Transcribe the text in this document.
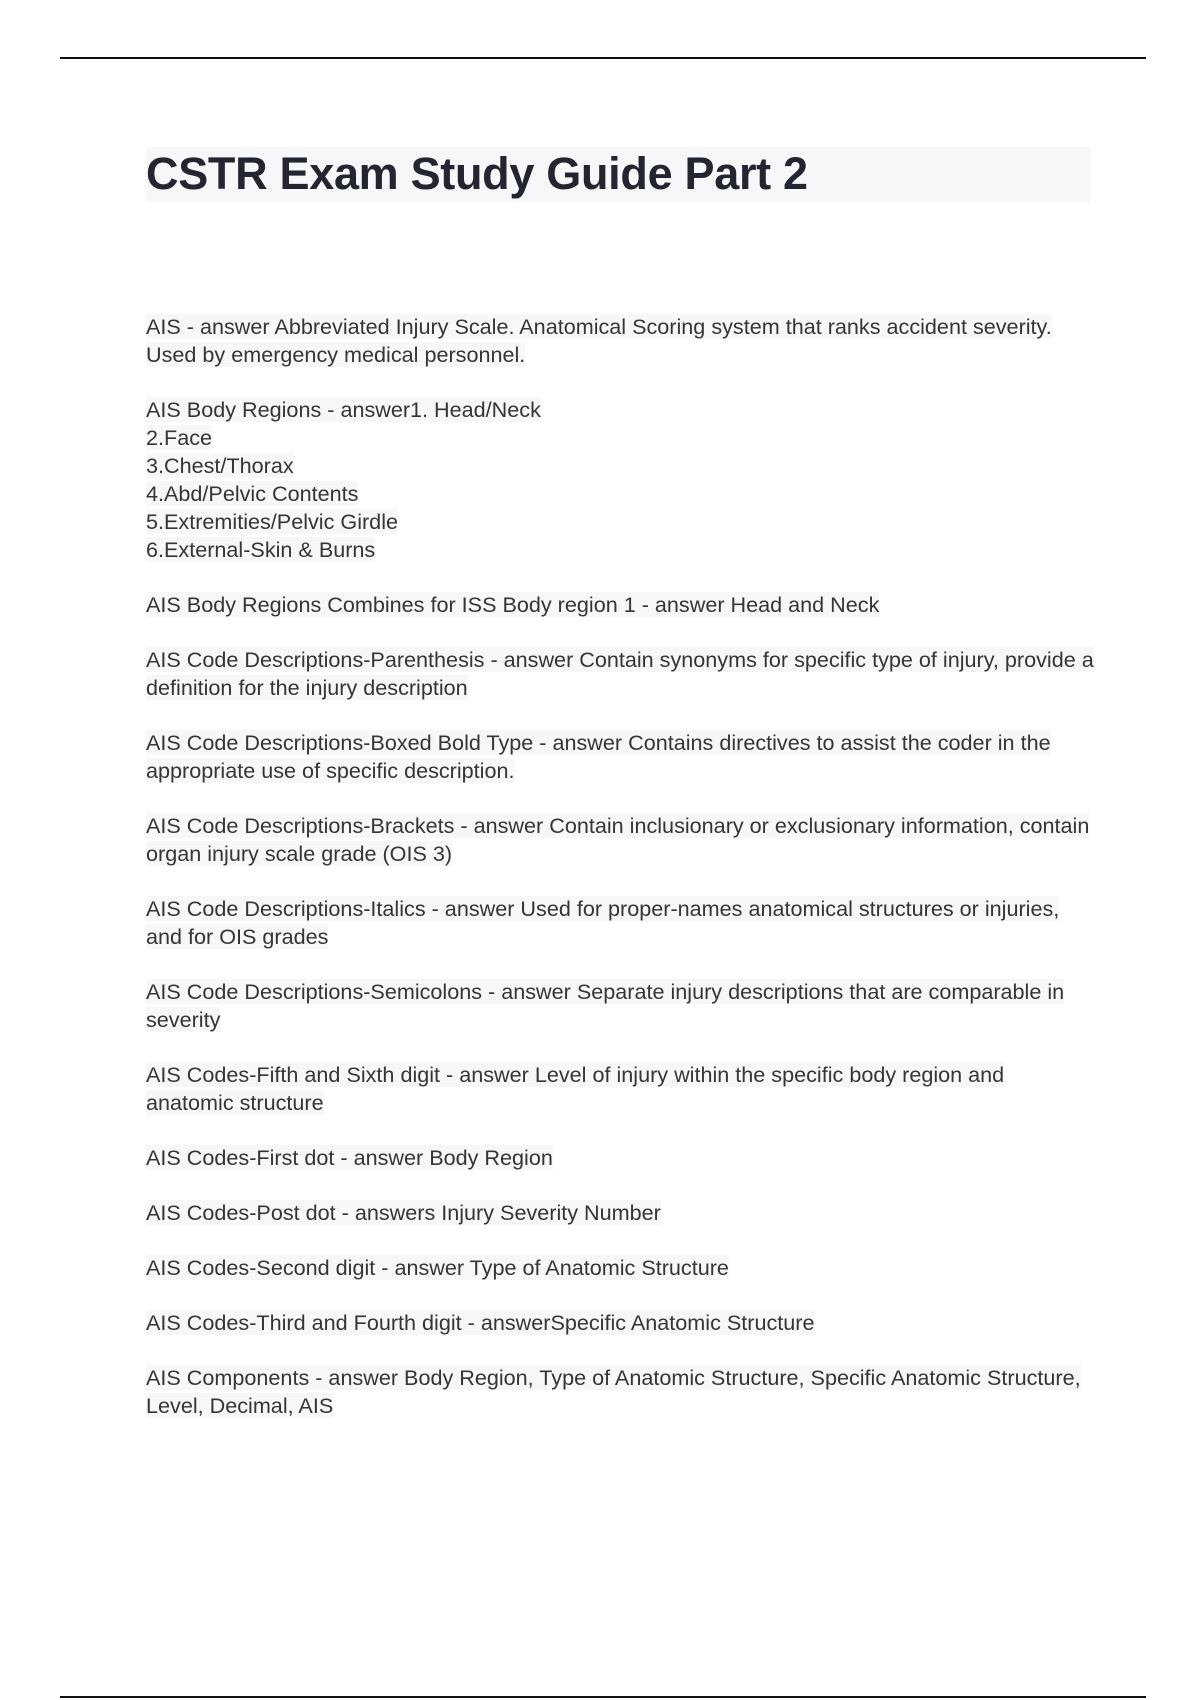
CSTR Exam Study Guide Part 2

AIS - answer Abbreviated Injury Scale. Anatomical Scoring system that ranks accident severity. Used by emergency medical personnel.

AIS Body Regions - answer1. Head/Neck
2.Face
3.Chest/Thorax
4.Abd/Pelvic Contents
5.Extremities/Pelvic Girdle
6.External-Skin & Burns

AIS Body Regions Combines for ISS Body region 1 - answer Head and Neck

AIS Code Descriptions-Parenthesis - answer Contain synonyms for specific type of injury, provide a definition for the injury description

AIS Code Descriptions-Boxed Bold Type - answer Contains directives to assist the coder in the appropriate use of specific description.

AIS Code Descriptions-Brackets - answer Contain inclusionary or exclusionary information, contain organ injury scale grade (OIS 3)

AIS Code Descriptions-Italics - answer Used for proper-names anatomical structures or injuries, and for OIS grades

AIS Code Descriptions-Semicolons - answer Separate injury descriptions that are comparable in severity

AIS Codes-Fifth and Sixth digit - answer Level of injury within the specific body region and anatomic structure

AIS Codes-First dot - answer Body Region

AIS Codes-Post dot - answers Injury Severity Number

AIS Codes-Second digit - answer Type of Anatomic Structure

AIS Codes-Third and Fourth digit - answerSpecific Anatomic Structure

AIS Components - answer Body Region, Type of Anatomic Structure, Specific Anatomic Structure, Level, Decimal, AIS
